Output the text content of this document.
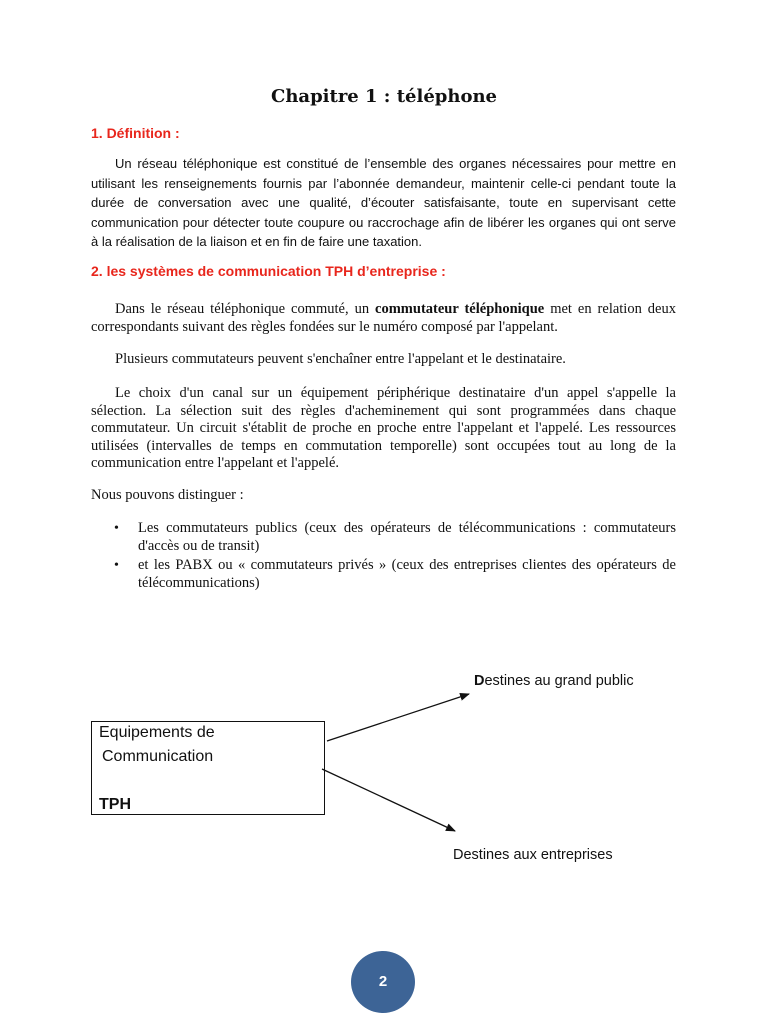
Chapitre 1 : téléphone
1. Définition :
Un réseau téléphonique est constitué de l’ensemble des organes nécessaires pour mettre en utilisant les renseignements fournis par l’abonnée demandeur, maintenir celle-ci pendant toute la durée de conversation avec une qualité, d’écouter satisfaisante, toute en supervisant cette communication pour détecter toute coupure ou raccrochage afin de libérer les organes qui ont serve à la réalisation de la liaison et en fin de faire une taxation.
2. les systèmes de communication TPH d’entreprise :
Dans le réseau téléphonique commuté, un commutateur téléphonique met en relation deux correspondants suivant des règles fondées sur le numéro composé par l'appelant.
Plusieurs commutateurs peuvent s'enchaîner entre l'appelant et le destinataire.
Le choix d'un canal sur un équipement périphérique destinataire d'un appel s'appelle la sélection. La sélection suit des règles d'acheminement qui sont programmées dans chaque commutateur. Un circuit s'établit de proche en proche entre l'appelant et l'appelé. Les ressources utilisées (intervalles de temps en commutation temporelle) sont occupées tout au long de la communication entre l'appelant et l'appelé.
Nous pouvons distinguer :
• Les commutateurs publics (ceux des opérateurs de télécommunications : commutateurs d'accès ou de transit)
• et les PABX ou « commutateurs privés » (ceux des entreprises clientes des opérateurs de télécommunications)
Equipements de
Communication
TPH
Destines au grand public
Destines aux entreprises
2
